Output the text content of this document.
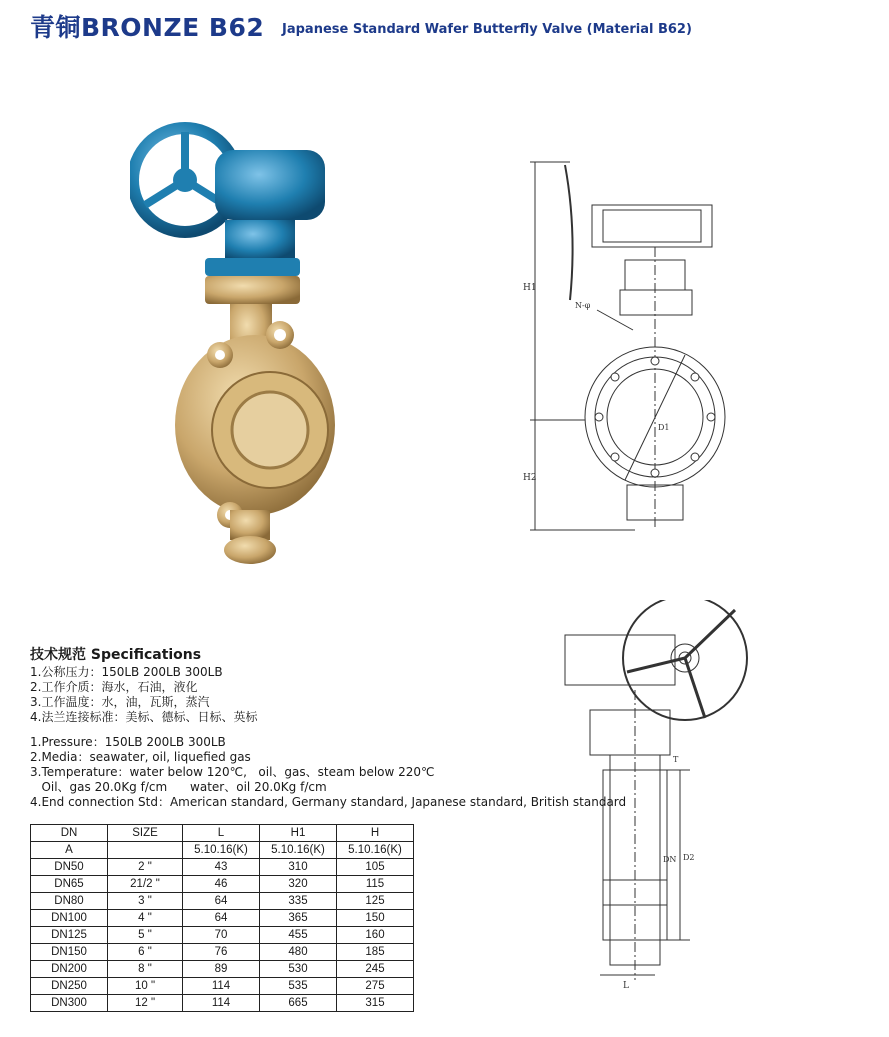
青铜BRONZE B62 Japanese Standard Wafer Butterfly Valve (Material B62)
H1
H2
D1
N-φ
D2
DN
T
L
技术规范 Specifications
1.公称压力：150LB 200LB 300LB
2.工作介质：海水，石油，液化
3.工作温度：水，油，瓦斯，蒸汽
4.法兰连接标准：美标、德标、日标、英标
1.Pressure：150LB 200LB 300LB
2.Media：seawater, oil, liquefied gas
3.Temperature：water below 120℃,   oil、gas、steam below 220℃
Oil、gas 20.0Kg f/cm      water、oil 20.0Kg f/cm
4.End connection Std：American standard, Germany standard, Japanese standard, British standard
DN	SIZE	L	H1	H
A		5.10.16(K)	5.10.16(K)	5.10.16(K)
DN50	2 "	43	310	105
DN65	21/2 "	46	320	115
DN80	3 "	64	335	125
DN100	4 "	64	365	150
DN125	5 "	70	455	160
DN150	6 "	76	480	185
DN200	8 "	89	530	245
DN250	10 "	114	535	275
DN300	12 "	114	665	315
